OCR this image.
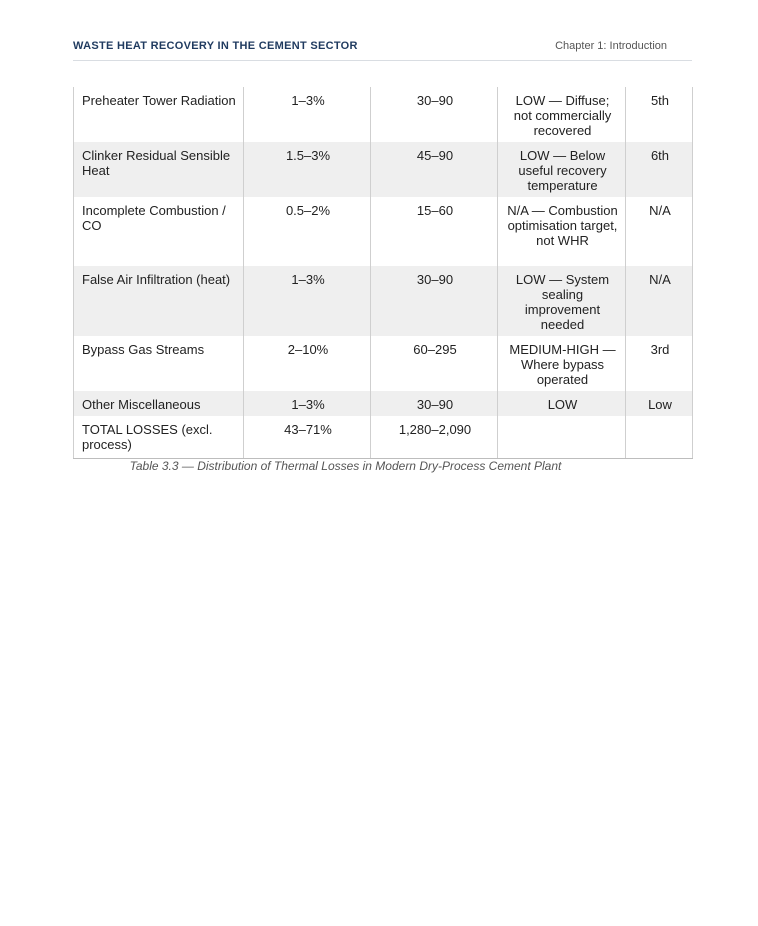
WASTE HEAT RECOVERY IN THE CEMENT SECTOR	Chapter 1: Introduction
Preheater Tower Radiation	1–3%	30–90	LOW — Diffuse; not commercially recovered	5th
Clinker Residual Sensible Heat	1.5–3%	45–90	LOW — Below useful recovery temperature	6th
Incomplete Combustion / CO	0.5–2%	15–60	N/A — Combustion optimisation target, not WHR	N/A
False Air Infiltration (heat)	1–3%	30–90	LOW — System sealing improvement needed	N/A
Bypass Gas Streams	2–10%	60–295	MEDIUM-HIGH — Where bypass operated	3rd
Other Miscellaneous	1–3%	30–90	LOW	Low
TOTAL LOSSES (excl. process)	43–71%	1,280–2,090		
Table 3.3 — Distribution of Thermal Losses in Modern Dry-Process Cement Plant
